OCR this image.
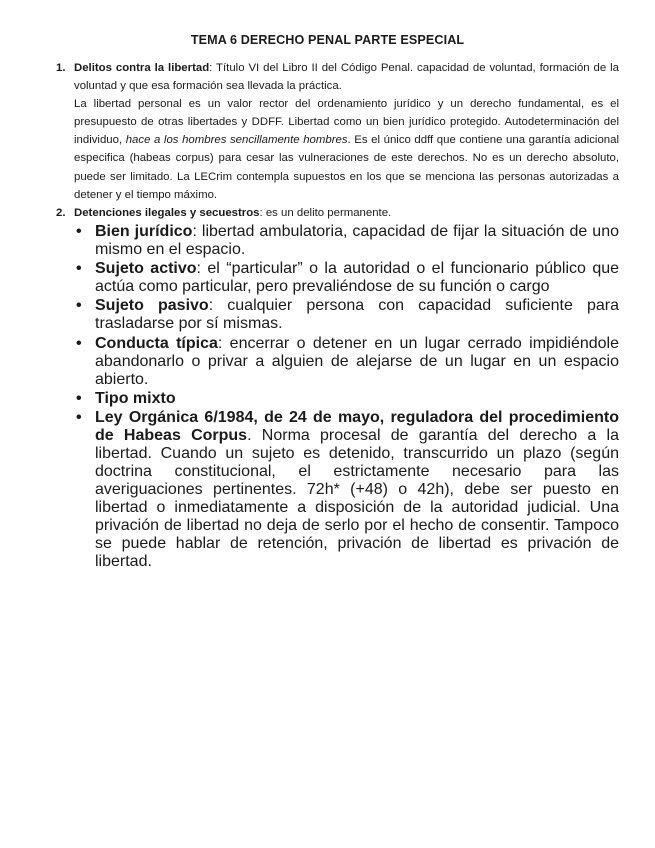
TEMA 6 DERECHO PENAL PARTE ESPECIAL
1. Delitos contra la libertad: Título VI del Libro II del Código Penal. capacidad de voluntad, formación de la voluntad y que esa formación sea llevada la práctica.

La libertad personal es un valor rector del ordenamiento jurídico y un derecho fundamental, es el presupuesto de otras libertades y DDFF. Libertad como un bien jurídico protegido. Autodeterminación del individuo, hace a los hombres sencillamente hombres. Es el único ddff que contiene una garantía adicional especifica (habeas corpus) para cesar las vulneraciones de este derechos. No es un derecho absoluto, puede ser limitado. La LECrim contempla supuestos en los que se menciona las personas autorizadas a detener y el tiempo máximo.

2. Detenciones ilegales y secuestros: es un delito permanente.

• Bien jurídico: libertad ambulatoria, capacidad de fijar la situación de uno mismo en el espacio.

• Sujeto activo: el “particular” o la autoridad o el funcionario público que actúa como particular, pero prevaliéndose de su función o cargo

• Sujeto pasivo: cualquier persona con capacidad suficiente para trasladarse por sí mismas.

• Conducta típica: encerrar o detener en un lugar cerrado impidiéndole abandonarlo o privar a alguien de alejarse de un lugar en un espacio abierto.

• Tipo mixto

• Ley Orgánica 6/1984, de 24 de mayo, reguladora del procedimiento de Habeas Corpus. Norma procesal de garantía del derecho a la libertad. Cuando un sujeto es detenido, transcurrido un plazo (según doctrina constitucional, el estrictamente necesario para las averiguaciones pertinentes. 72h* (+48) o 42h), debe ser puesto en libertad o inmediatamente a disposición de la autoridad judicial. Una privación de libertad no deja de serlo por el hecho de consentir. Tampoco se puede hablar de retención, privación de libertad es privación de libertad.
